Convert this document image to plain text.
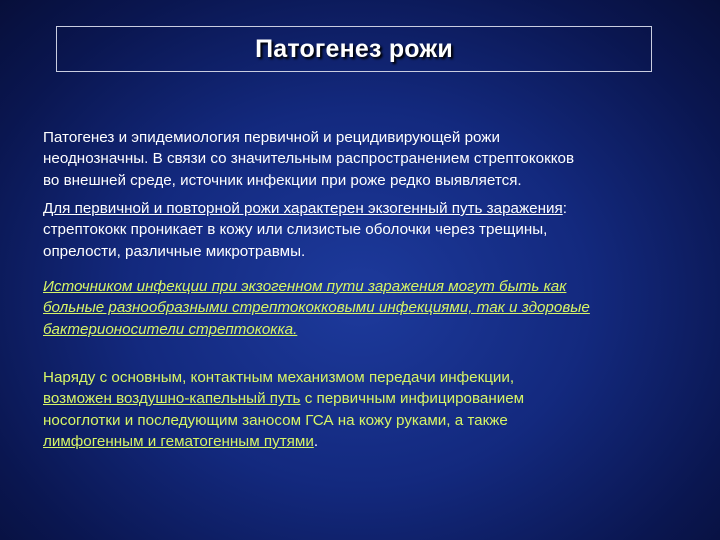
Патогенез рожи
Патогенез и эпидемиология первичной и рецидивирующей рожи
неоднозначны. В связи со значительным распространением стрептококков
во внешней среде, источник инфекции при роже редко выявляется.
Для первичной и повторной рожи характерен экзогенный путь заражения:
стрептококк проникает в кожу или слизистые оболочки через трещины,
опрелости, различные микротравмы.
Источником инфекции при экзогенном пути заражения могут быть как
больные разнообразными стрептококковыми инфекциями, так и здоровые
бактерионосители стрептококка.
Наряду с основным, контактным механизмом передачи инфекции,
возможен воздушно-капельный путь с первичным инфицированием
носоглотки и последующим заносом ГСА на кожу руками, а также
лимфогенным и гематогенным путями.
